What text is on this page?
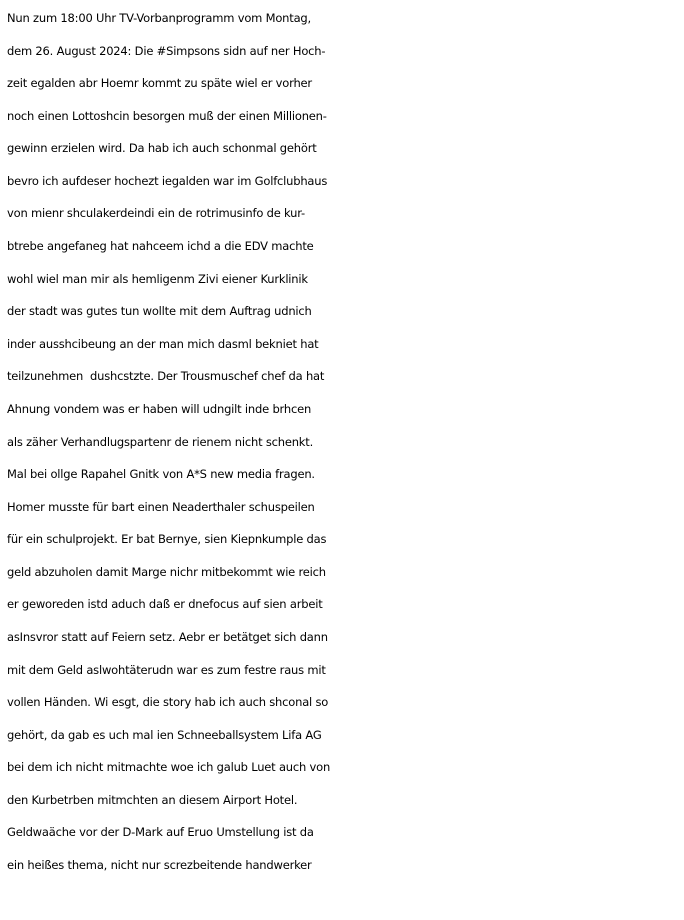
Nun zum 18:00 Uhr TV-Vorbanprogramm vom Montag,
dem 26. August 2024: Die #Simpsons sidn auf ner Hoch-
zeit egalden abr Hoemr kommt zu späte wiel er vorher
noch einen Lottoshcin besorgen muß der einen Millionen-
gewinn erzielen wird. Da hab ich auch schonmal gehört
bevro ich aufdeser hochezt iegalden war im Golfclubhaus
von mienr shculakerdeindi ein de rotrimusinfo de kur-
btrebe angefaneg hat nahceem ichd a die EDV machte
wohl wiel man mir als hemligenm Zivi eiener Kurklinik
der stadt was gutes tun wollte mit dem Auftrag udnich
inder ausshcibeung an der man mich dasml bekniet hat
teilzunehmen  dushcstzte. Der Trousmuschef chef da hat
Ahnung vondem was er haben will udngilt inde brhcen
als zäher Verhandlugspartenr de rienem nicht schenkt.
Mal bei ollge Rapahel Gnitk von A*S new media fragen.
Homer musste für bart einen Neaderthaler schuspeilen
für ein schulprojekt. Er bat Bernye, sien Kiepnkumple das
geld abzuholen damit Marge nichr mitbekommt wie reich
er geworeden istd aduch daß er dnefocus auf sien arbeit
asInsvror statt auf Feiern setz. Aebr er betätget sich dann
mit dem Geld aslwohtäterudn war es zum festre raus mit
vollen Händen. Wi esgt, die story hab ich auch shconal so
gehört, da gab es uch mal ien Schneeballsystem Lifa AG
bei dem ich nicht mitmachte woe ich galub Luet auch von
den Kurbetrben mitmchten an diesem Airport Hotel.
Geldwaäche vor der D-Mark auf Eruo Umstellung ist da
ein heißes thema, nicht nur screzbeitende handwerker
